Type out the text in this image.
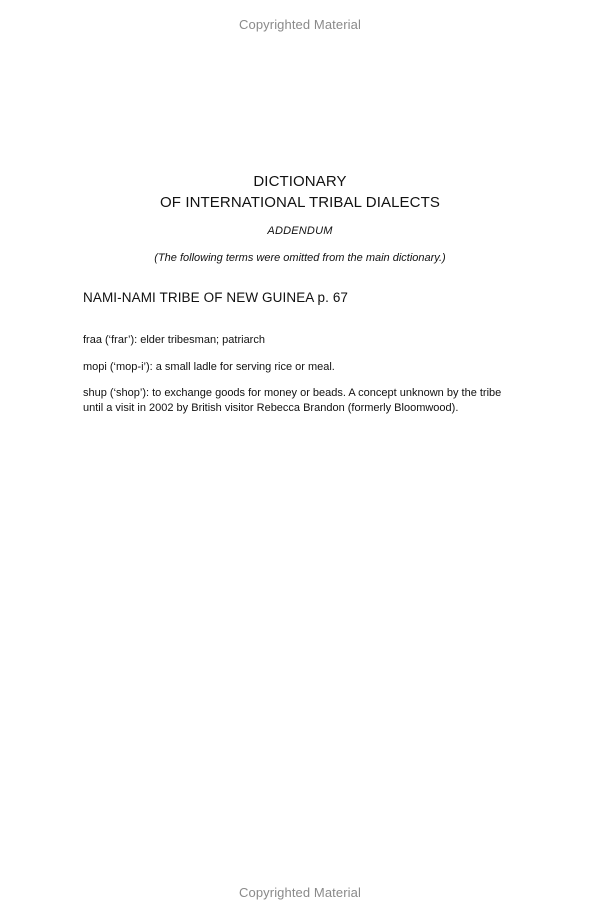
Copyrighted Material
DICTIONARY
OF INTERNATIONAL TRIBAL DIALECTS
ADDENDUM
(The following terms were omitted from the main dictionary.)
NAMI-NAMI TRIBE OF NEW GUINEA p. 67
fraa (‘frar’): elder tribesman; patriarch
mopi (‘mop-i’): a small ladle for serving rice or meal.
shup (‘shop’): to exchange goods for money or beads. A concept unknown by the tribe until a visit in 2002 by British visitor Rebecca Brandon (formerly Bloomwood).
Copyrighted Material
